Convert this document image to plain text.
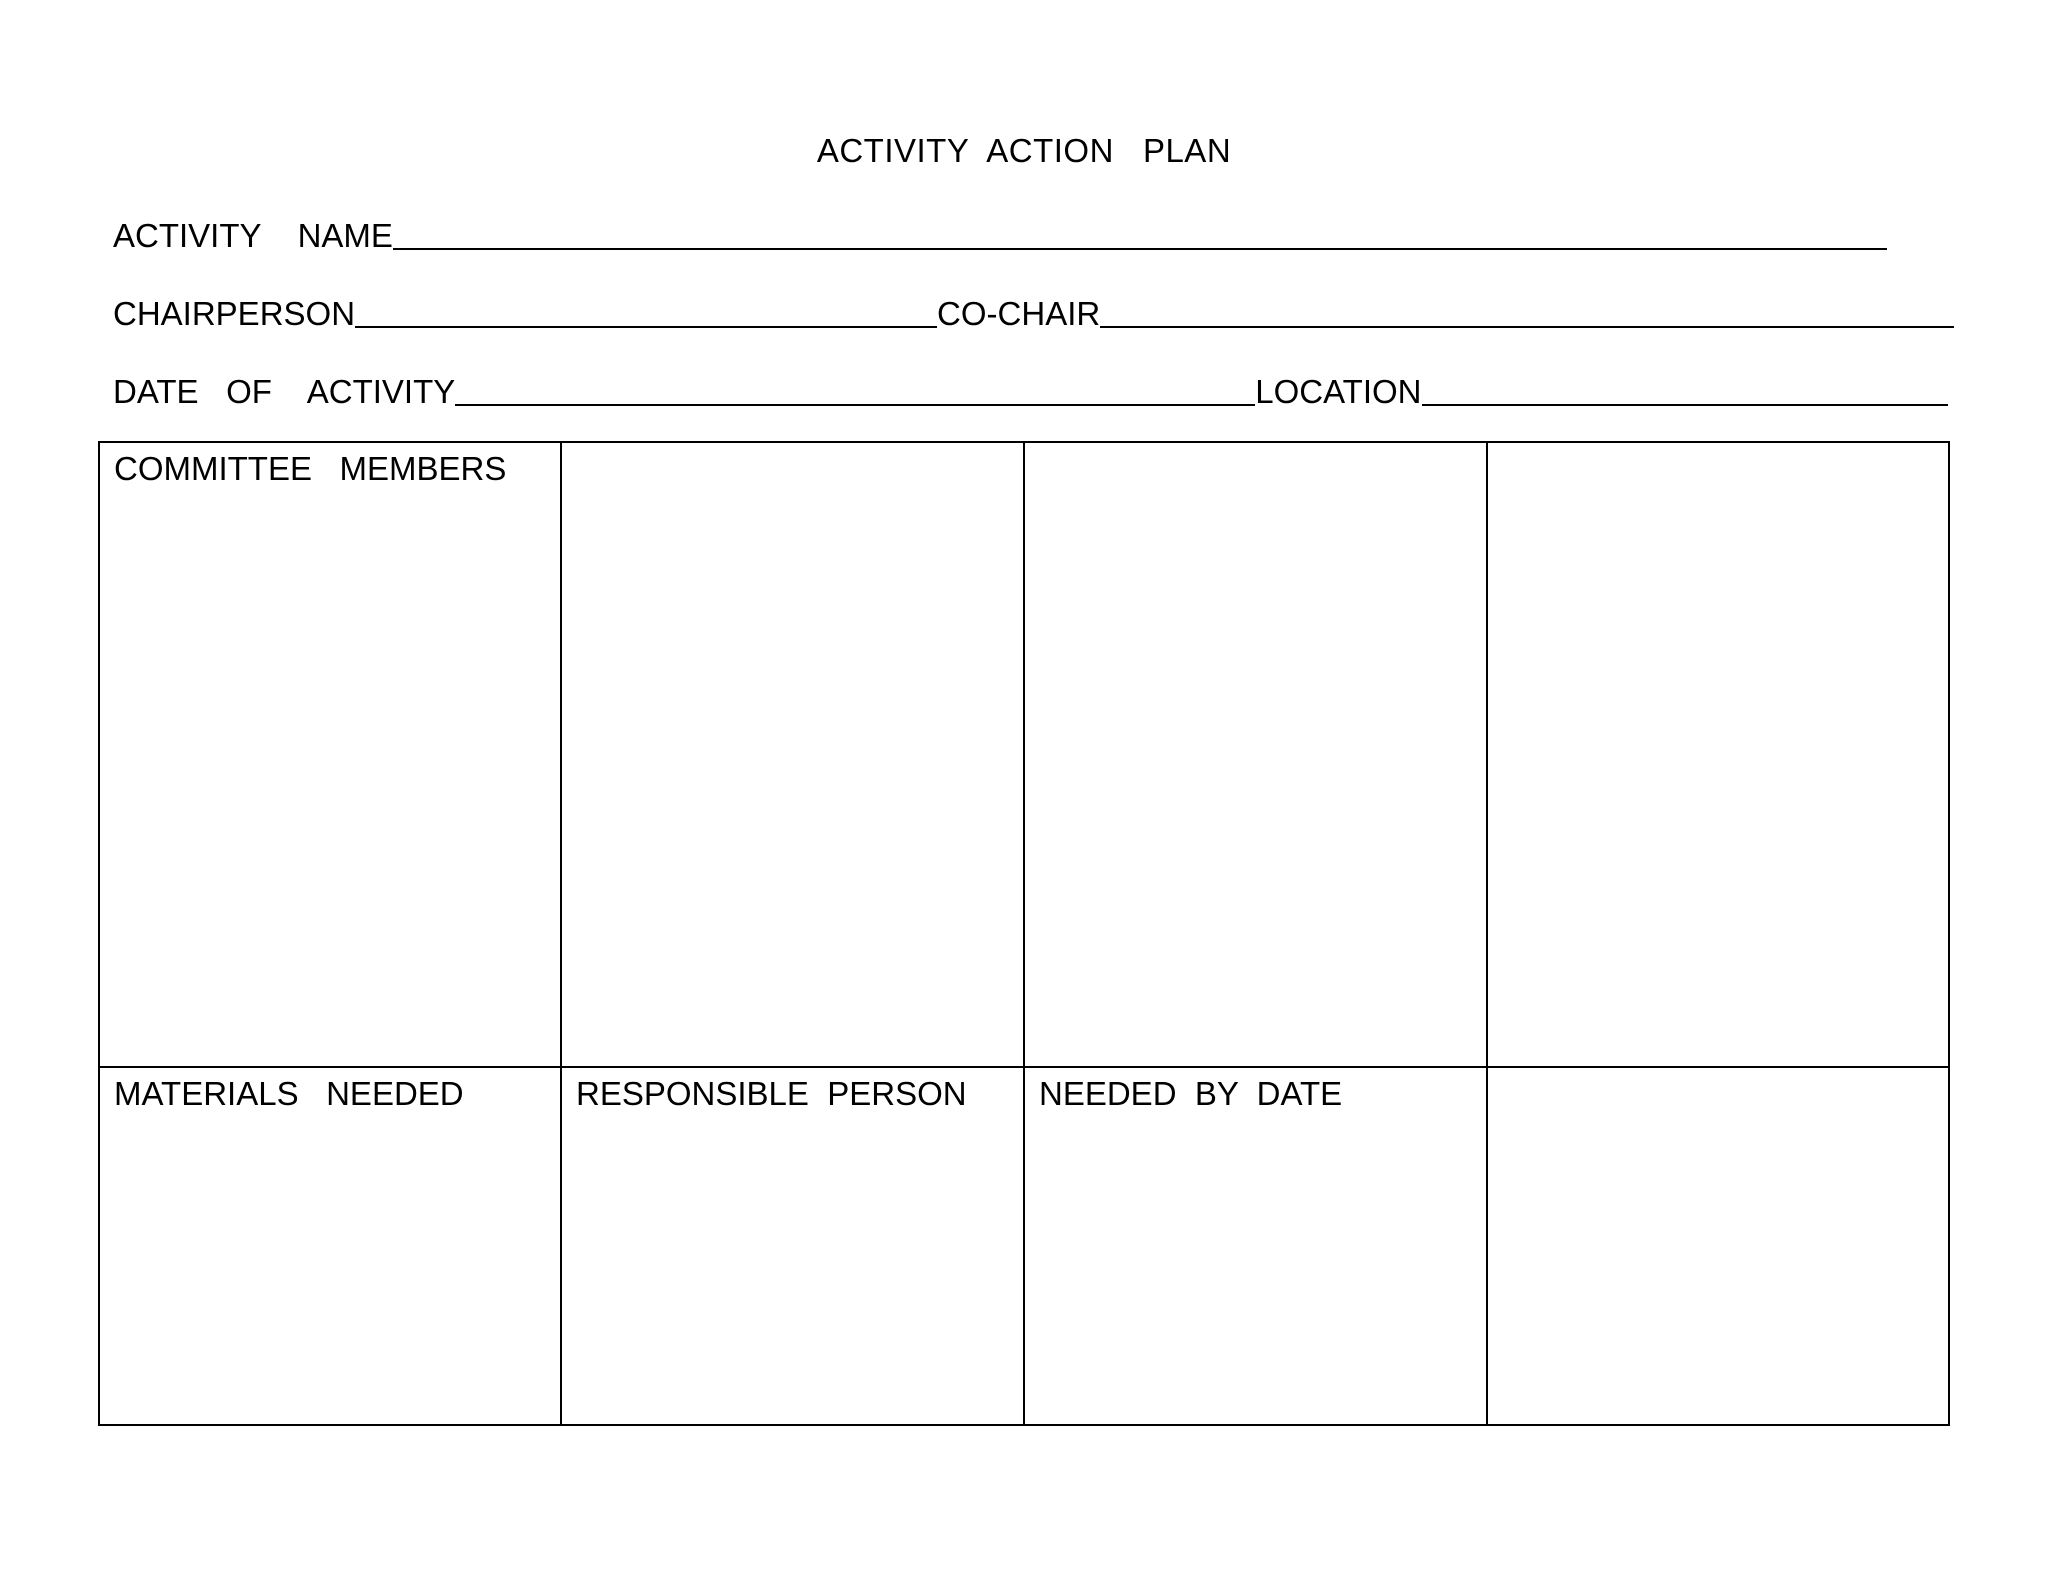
ACTIVITY  ACTION   PLAN
ACTIVITY    NAME
CHAIRPERSON	CO-CHAIR
DATE   OF    ACTIVITY	LOCATION
COMMITTEE   MEMBERS
MATERIALS   NEEDED	RESPONSIBLE  PERSON	NEEDED  BY  DATE
